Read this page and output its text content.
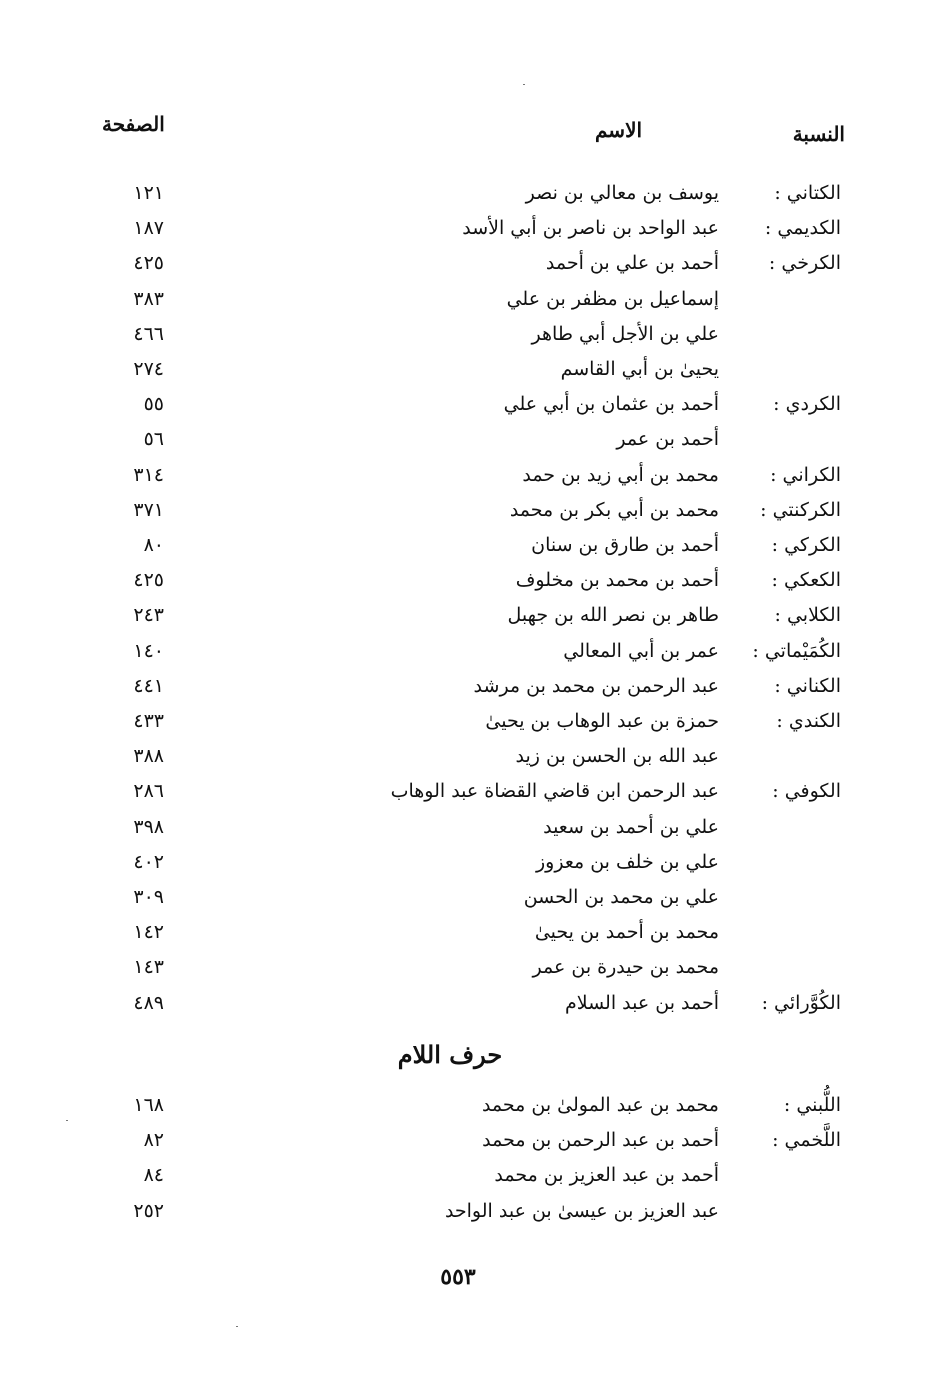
النسبة
الاسم
الصفحة
الكتاني :
يوسف بن معالي بن نصر
١٢١
الكديمي :
عبد الواحد بن ناصر بن أبي الأسد
١٨٧
الكرخي :
أحمد بن علي بن أحمد
٤٢٥
إسماعيل بن مظفر بن علي
٣٨٣
علي بن الأجل أبي طاهر
٤٦٦
يحيىٰ بن أبي القاسم
٢٧٤
الكردي :
أحمد بن عثمان بن أبي علي
٥٥
أحمد بن عمر
٥٦
الكراني :
محمد بن أبي زيد بن حمد
٣١٤
الكركنتي :
محمد بن أبي بكر بن محمد
٣٧١
الكركي :
أحمد بن طارق بن سنان
٨٠
الكعكي :
أحمد بن محمد بن مخلوف
٤٢٥
الكلابي :
طاهر بن نصر الله بن جهبل
٢٤٣
الكُمَيْماتي :
عمر بن أبي المعالي
١٤٠
الكناني :
عبد الرحمن بن محمد بن مرشد
٤٤١
الكندي :
حمزة بن عبد الوهاب بن يحيىٰ
٤٣٣
عبد الله بن الحسن بن زيد
٣٨٨
الكوفي :
عبد الرحمن ابن قاضي القضاة عبد الوهاب
٢٨٦
علي بن أحمد بن سعيد
٣٩٨
علي بن خلف بن معزوز
٤٠٢
علي بن محمد بن الحسن
٣٠٩
محمد بن أحمد بن يحيىٰ
١٤٢
محمد بن حيدرة بن عمر
١٤٣
الكُوَّرائي :
أحمد بن عبد السلام
٤٨٩
حرف اللام
اللُّبني :
محمد بن عبد المولىٰ بن محمد
١٦٨
اللَّخمي :
أحمد بن عبد الرحمن بن محمد
٨٢
أحمد بن عبد العزيز بن محمد
٨٤
عبد العزيز بن عيسىٰ بن عبد الواحد
٢٥٢
٥٥٣
